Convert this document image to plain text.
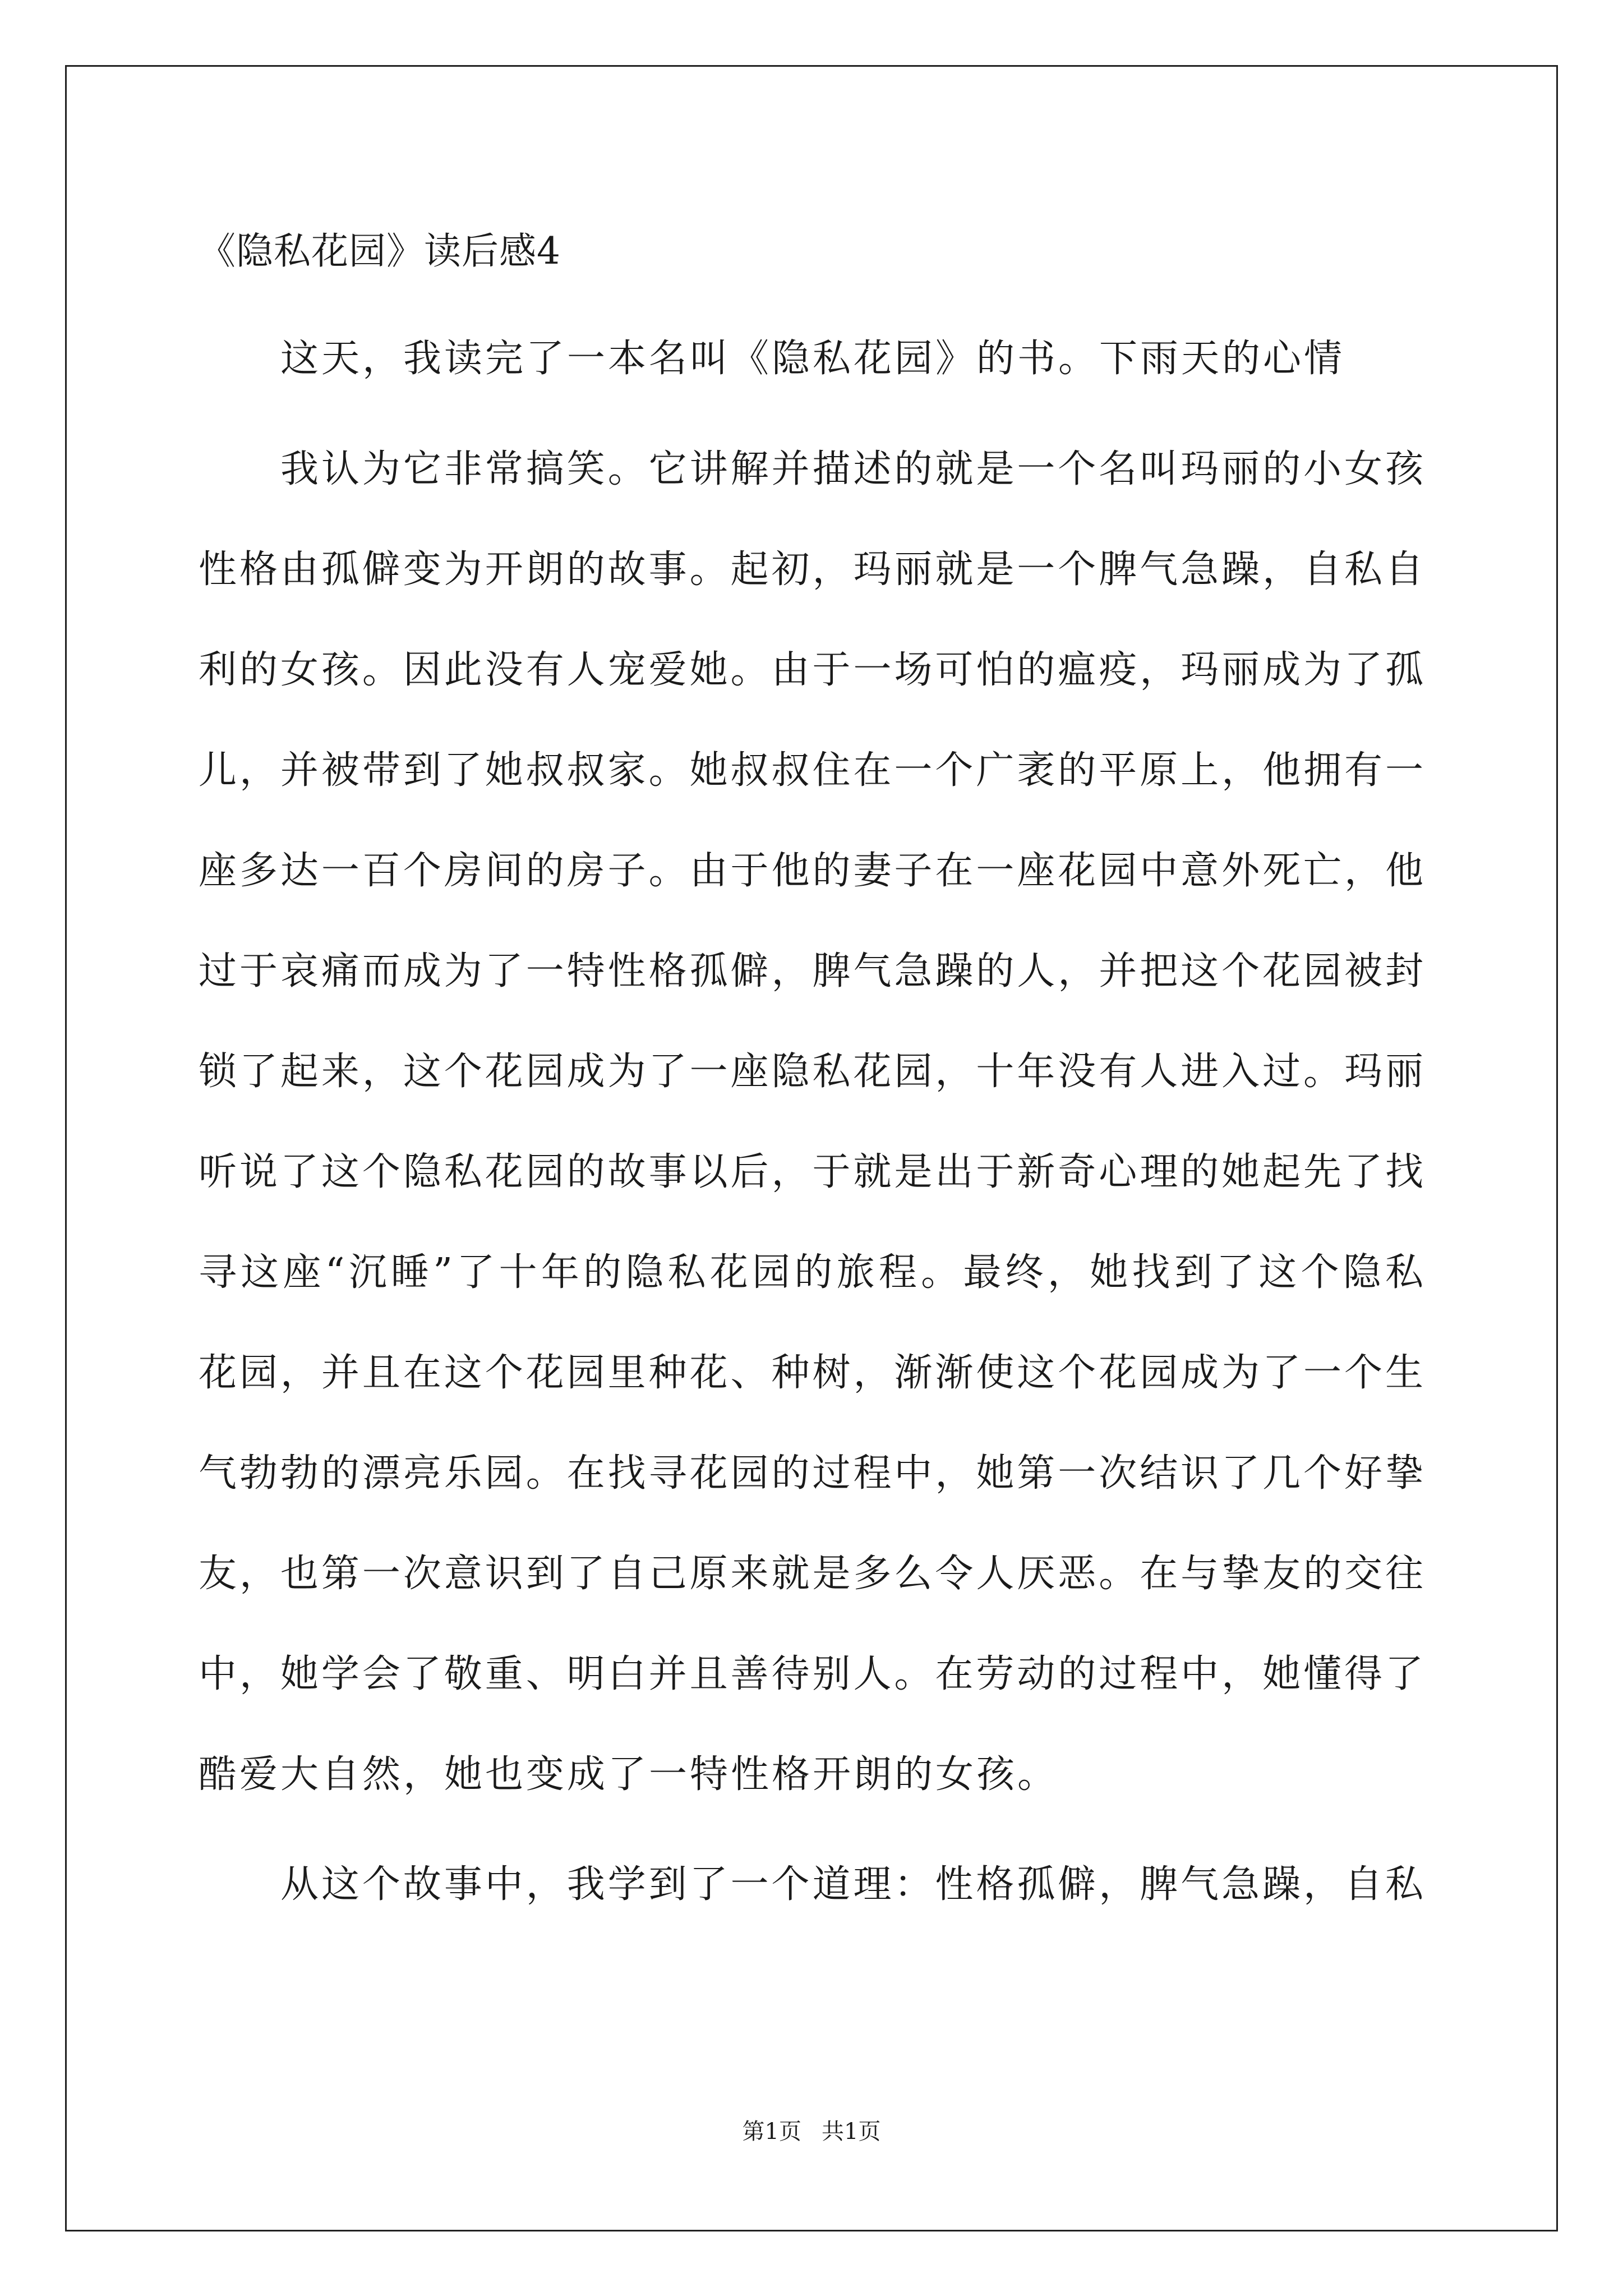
《隐私花园》读后感4
这天，我读完了一本名叫《隐私花园》的书。下雨天的心情
我认为它非常搞笑。它讲解并描述的就是一个名叫玛丽的小女孩
性格由孤僻变为开朗的故事。起初，玛丽就是一个脾气急躁，自私自
利的女孩。因此没有人宠爱她。由于一场可怕的瘟疫，玛丽成为了孤
儿，并被带到了她叔叔家。她叔叔住在一个广袤的平原上，他拥有一
座多达一百个房间的房子。由于他的妻子在一座花园中意外死亡，他
过于哀痛而成为了一特性格孤僻，脾气急躁的人，并把这个花园被封
锁了起来，这个花园成为了一座隐私花园，十年没有人进入过。玛丽
听说了这个隐私花园的故事以后，于就是出于新奇心理的她起先了找
寻这座“沉睡”了十年的隐私花园的旅程。最终，她找到了这个隐私
花园，并且在这个花园里种花、种树，渐渐使这个花园成为了一个生
气勃勃的漂亮乐园。在找寻花园的过程中，她第一次结识了几个好挚
友，也第一次意识到了自己原来就是多么令人厌恶。在与挚友的交往
中，她学会了敬重、明白并且善待别人。在劳动的过程中，她懂得了
酷爱大自然，她也变成了一特性格开朗的女孩。
从这个故事中，我学到了一个道理：性格孤僻，脾气急躁，自私
第1页 共1页
